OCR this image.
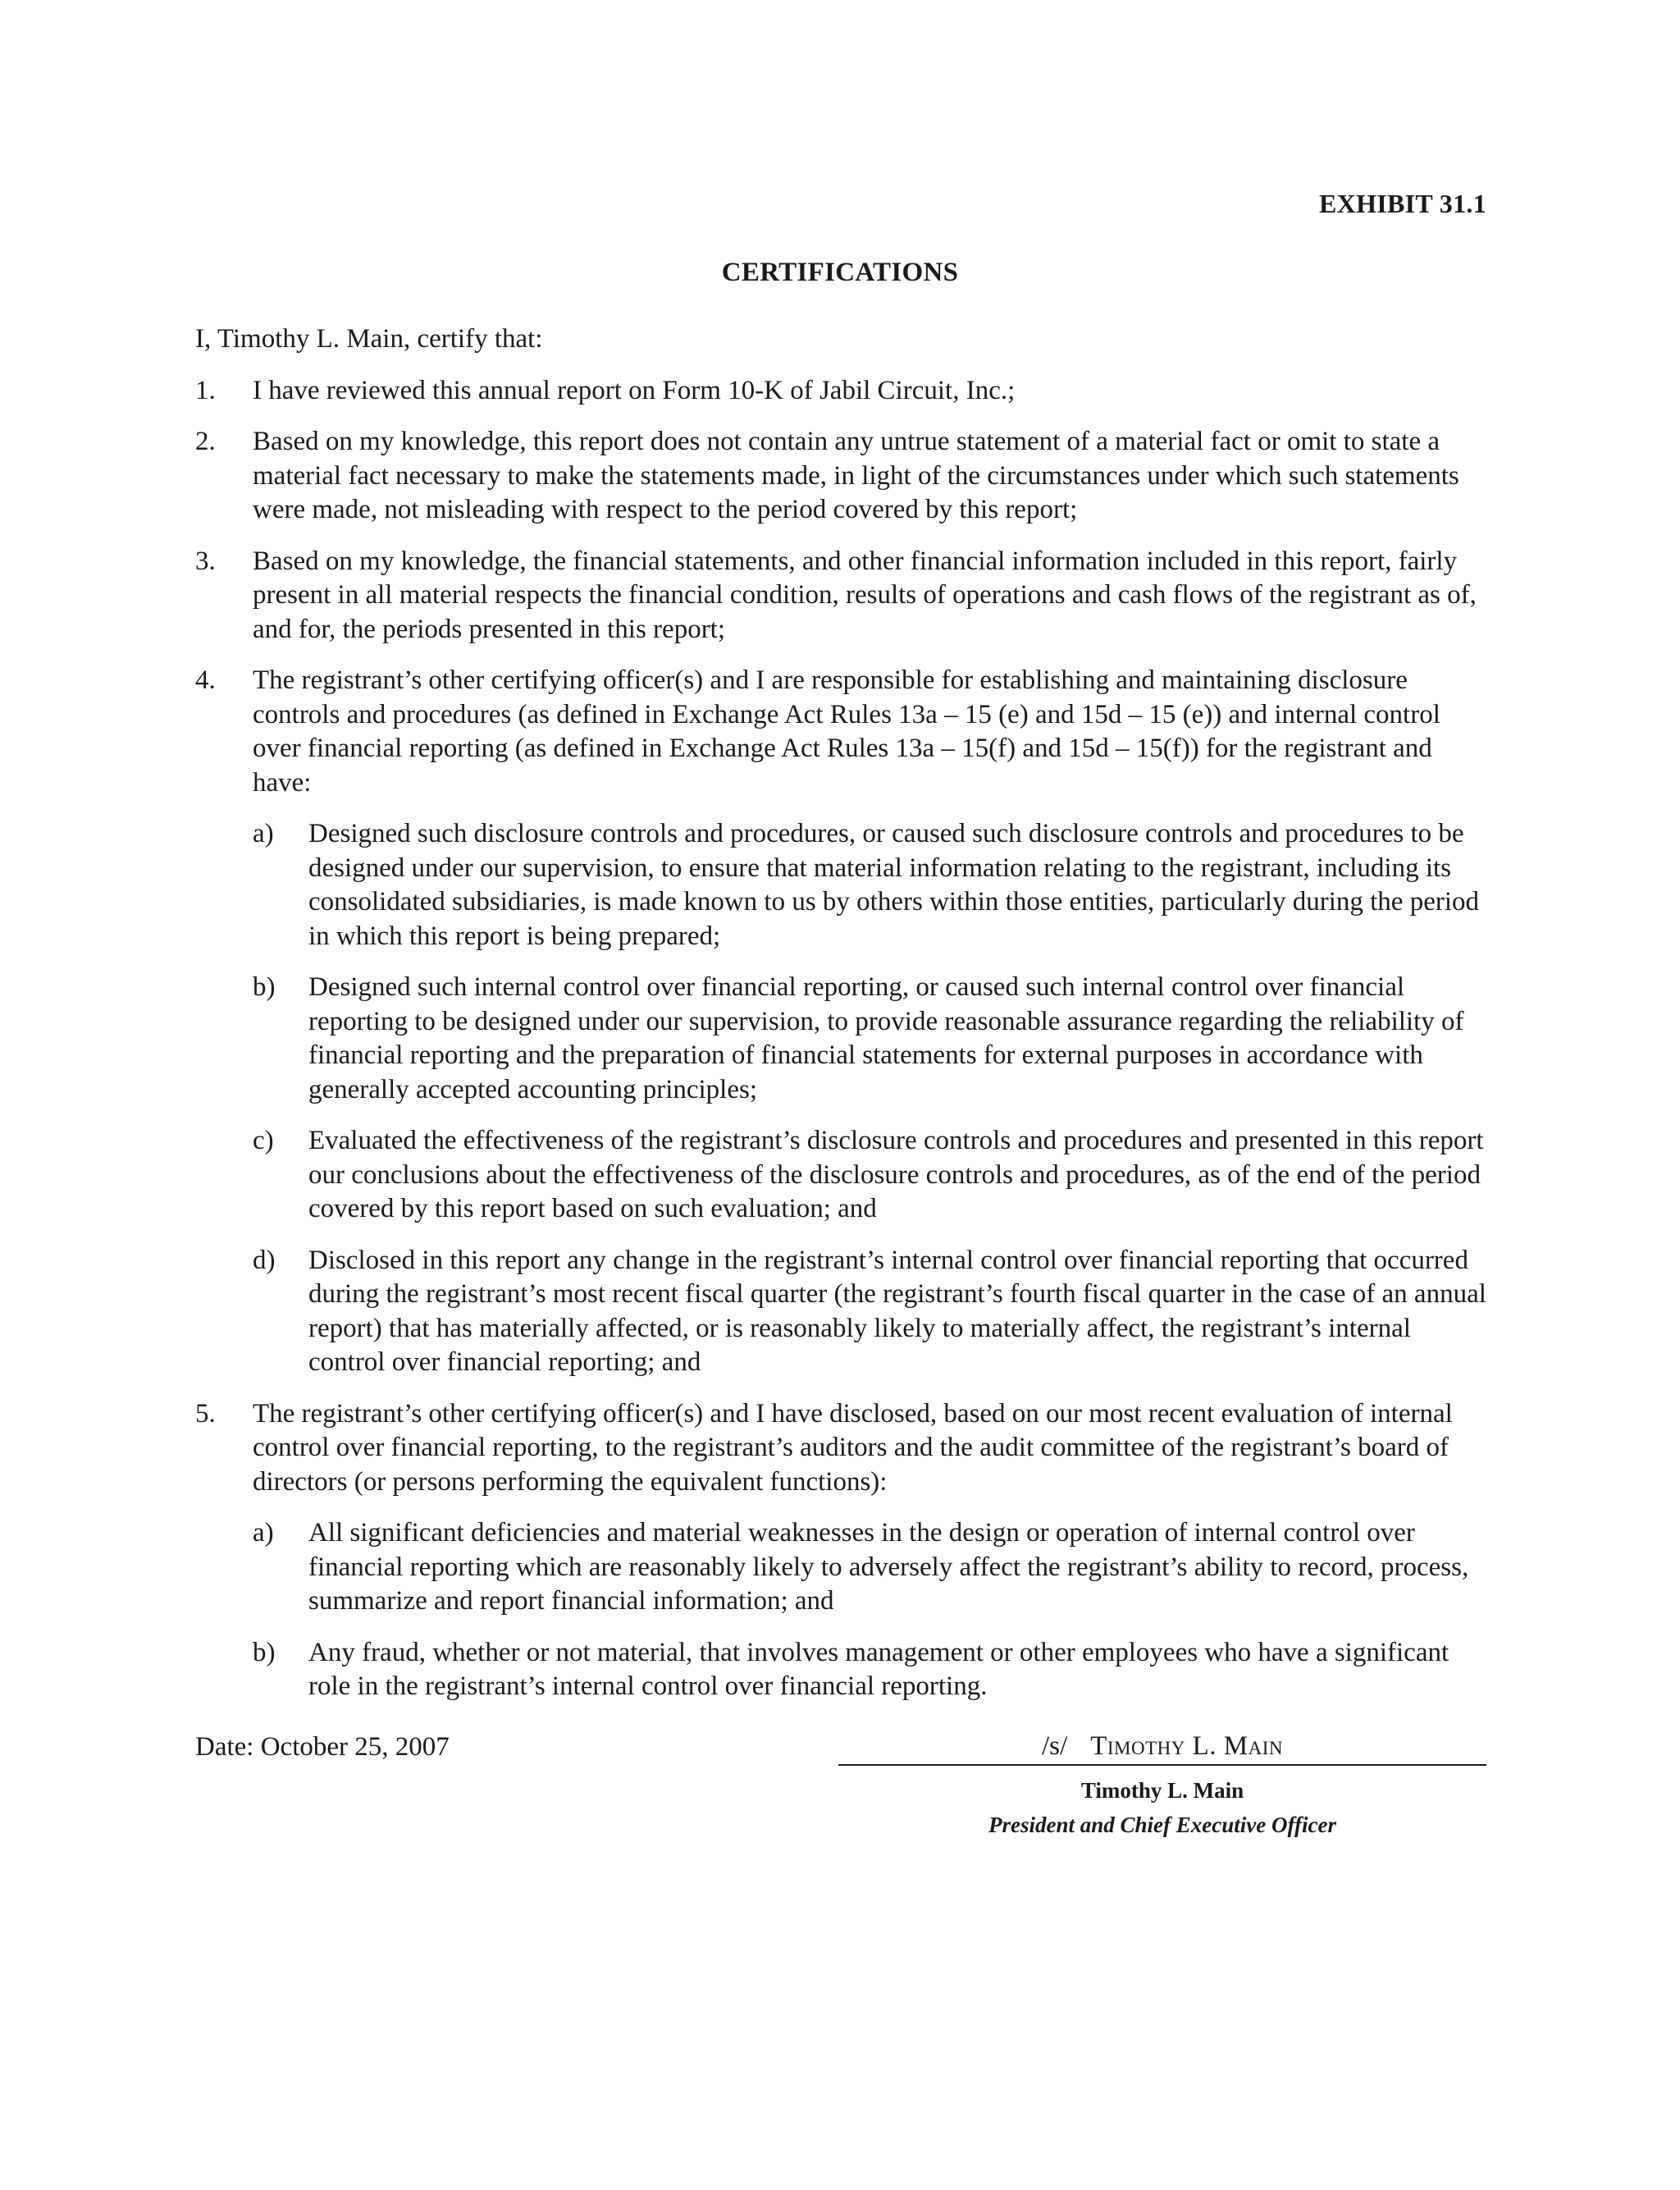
EXHIBIT 31.1
CERTIFICATIONS

I, Timothy L. Main, certify that:

1. I have reviewed this annual report on Form 10-K of Jabil Circuit, Inc.;
2. Based on my knowledge, this report does not contain any untrue statement of a material fact or omit to state a material fact necessary to make the statements made, in light of the circumstances under which such statements were made, not misleading with respect to the period covered by this report;
3. Based on my knowledge, the financial statements, and other financial information included in this report, fairly present in all material respects the financial condition, results of operations and cash flows of the registrant as of, and for, the periods presented in this report;
4. The registrant’s other certifying officer(s) and I are responsible for establishing and maintaining disclosure controls and procedures (as defined in Exchange Act Rules 13a – 15 (e) and 15d – 15 (e)) and internal control over financial reporting (as defined in Exchange Act Rules 13a – 15(f) and 15d – 15(f)) for the registrant and have:
a) Designed such disclosure controls and procedures, or caused such disclosure controls and procedures to be designed under our supervision, to ensure that material information relating to the registrant, including its consolidated subsidiaries, is made known to us by others within those entities, particularly during the period in which this report is being prepared;
b) Designed such internal control over financial reporting, or caused such internal control over financial reporting to be designed under our supervision, to provide reasonable assurance regarding the reliability of financial reporting and the preparation of financial statements for external purposes in accordance with generally accepted accounting principles;
c) Evaluated the effectiveness of the registrant’s disclosure controls and procedures and presented in this report our conclusions about the effectiveness of the disclosure controls and procedures, as of the end of the period covered by this report based on such evaluation; and
d) Disclosed in this report any change in the registrant’s internal control over financial reporting that occurred during the registrant’s most recent fiscal quarter (the registrant’s fourth fiscal quarter in the case of an annual report) that has materially affected, or is reasonably likely to materially affect, the registrant’s internal control over financial reporting; and
5. The registrant’s other certifying officer(s) and I have disclosed, based on our most recent evaluation of internal control over financial reporting, to the registrant’s auditors and the audit committee of the registrant’s board of directors (or persons performing the equivalent functions):
a) All significant deficiencies and material weaknesses in the design or operation of internal control over financial reporting which are reasonably likely to adversely affect the registrant’s ability to record, process, summarize and report financial information; and
b) Any fraud, whether or not material, that involves management or other employees who have a significant role in the registrant’s internal control over financial reporting.
Date: October 25, 2007	/s/ Timothy L. Main
Timothy L. Main
President and Chief Executive Officer
